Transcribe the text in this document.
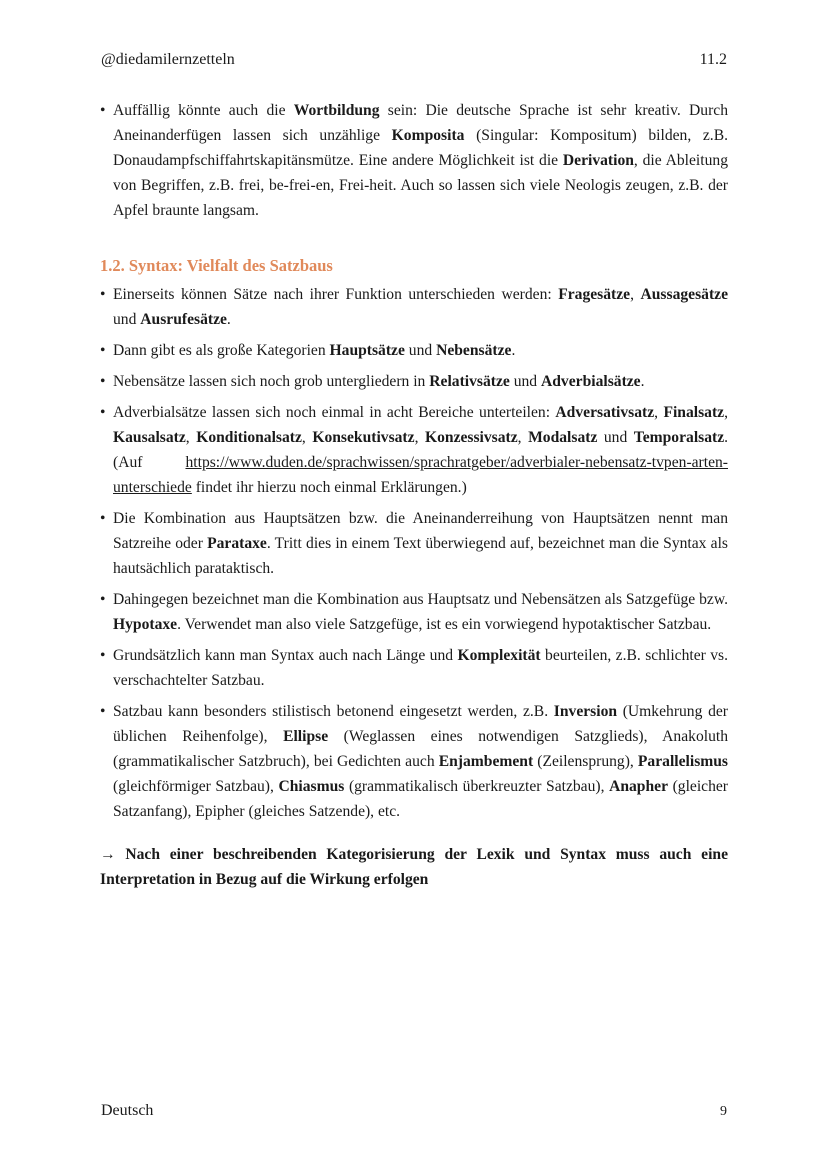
@diedamilernzetteln	11.2
• Auffällig könnte auch die Wortbildung sein: Die deutsche Sprache ist sehr kreativ. Durch Aneinanderfügen lassen sich unzählige Komposita (Singular: Kompositum) bilden, z.B. Donaudampfschiffahrtskapitänsmütze. Eine andere Möglichkeit ist die Derivation, die Ableitung von Begriffen, z.B. frei, be-frei-en, Frei-heit. Auch so lassen sich viele Neologis zeugen, z.B. der Apfel braunte langsam.
1.2. Syntax: Vielfalt des Satzbaus
• Einerseits können Sätze nach ihrer Funktion unterschieden werden: Fragesätze, Aussagesätze und Ausrufesätze.
• Dann gibt es als große Kategorien Hauptsätze und Nebensätze.
• Nebensätze lassen sich noch grob untergliedern in Relativsätze und Adverbialsätze.
• Adverbialsätze lassen sich noch einmal in acht Bereiche unterteilen: Adversativsatz, Finalsatz, Kausalsatz, Konditionalsatz, Konsekutivsatz, Konzessivsatz, Modalsatz und Temporalsatz. (Auf https://www.duden.de/sprachwissen/sprachratgeber/adverbialer-nebensatz-tvpen-arten-unterschiede findet ihr hierzu noch einmal Erklärungen.)
• Die Kombination aus Hauptsätzen bzw. die Aneinanderreihung von Hauptsätzen nennt man Satzreihe oder Parataxe. Tritt dies in einem Text überwiegend auf, bezeichnet man die Syntax als hautsächlich parataktisch.
• Dahingegen bezeichnet man die Kombination aus Hauptsatz und Nebensätzen als Satzgefüge bzw. Hypotaxe. Verwendet man also viele Satzgefüge, ist es ein vorwiegend hypotaktischer Satzbau.
• Grundsätzlich kann man Syntax auch nach Länge und Komplexität beurteilen, z.B. schlichter vs. verschachtelter Satzbau.
• Satzbau kann besonders stilistisch betonend eingesetzt werden, z.B. Inversion (Umkehrung der üblichen Reihenfolge), Ellipse (Weglassen eines notwendigen Satzglieds), Anakoluth (grammatikalischer Satzbruch), bei Gedichten auch Enjambement (Zeilensprung), Parallelismus (gleichförmiger Satzbau), Chiasmus (grammatikalisch überkreuzter Satzbau), Anapher (gleicher Satzanfang), Epipher (gleiches Satzende), etc.
→ Nach einer beschreibenden Kategorisierung der Lexik und Syntax muss auch eine Interpretation in Bezug auf die Wirkung erfolgen
Deutsch	9
